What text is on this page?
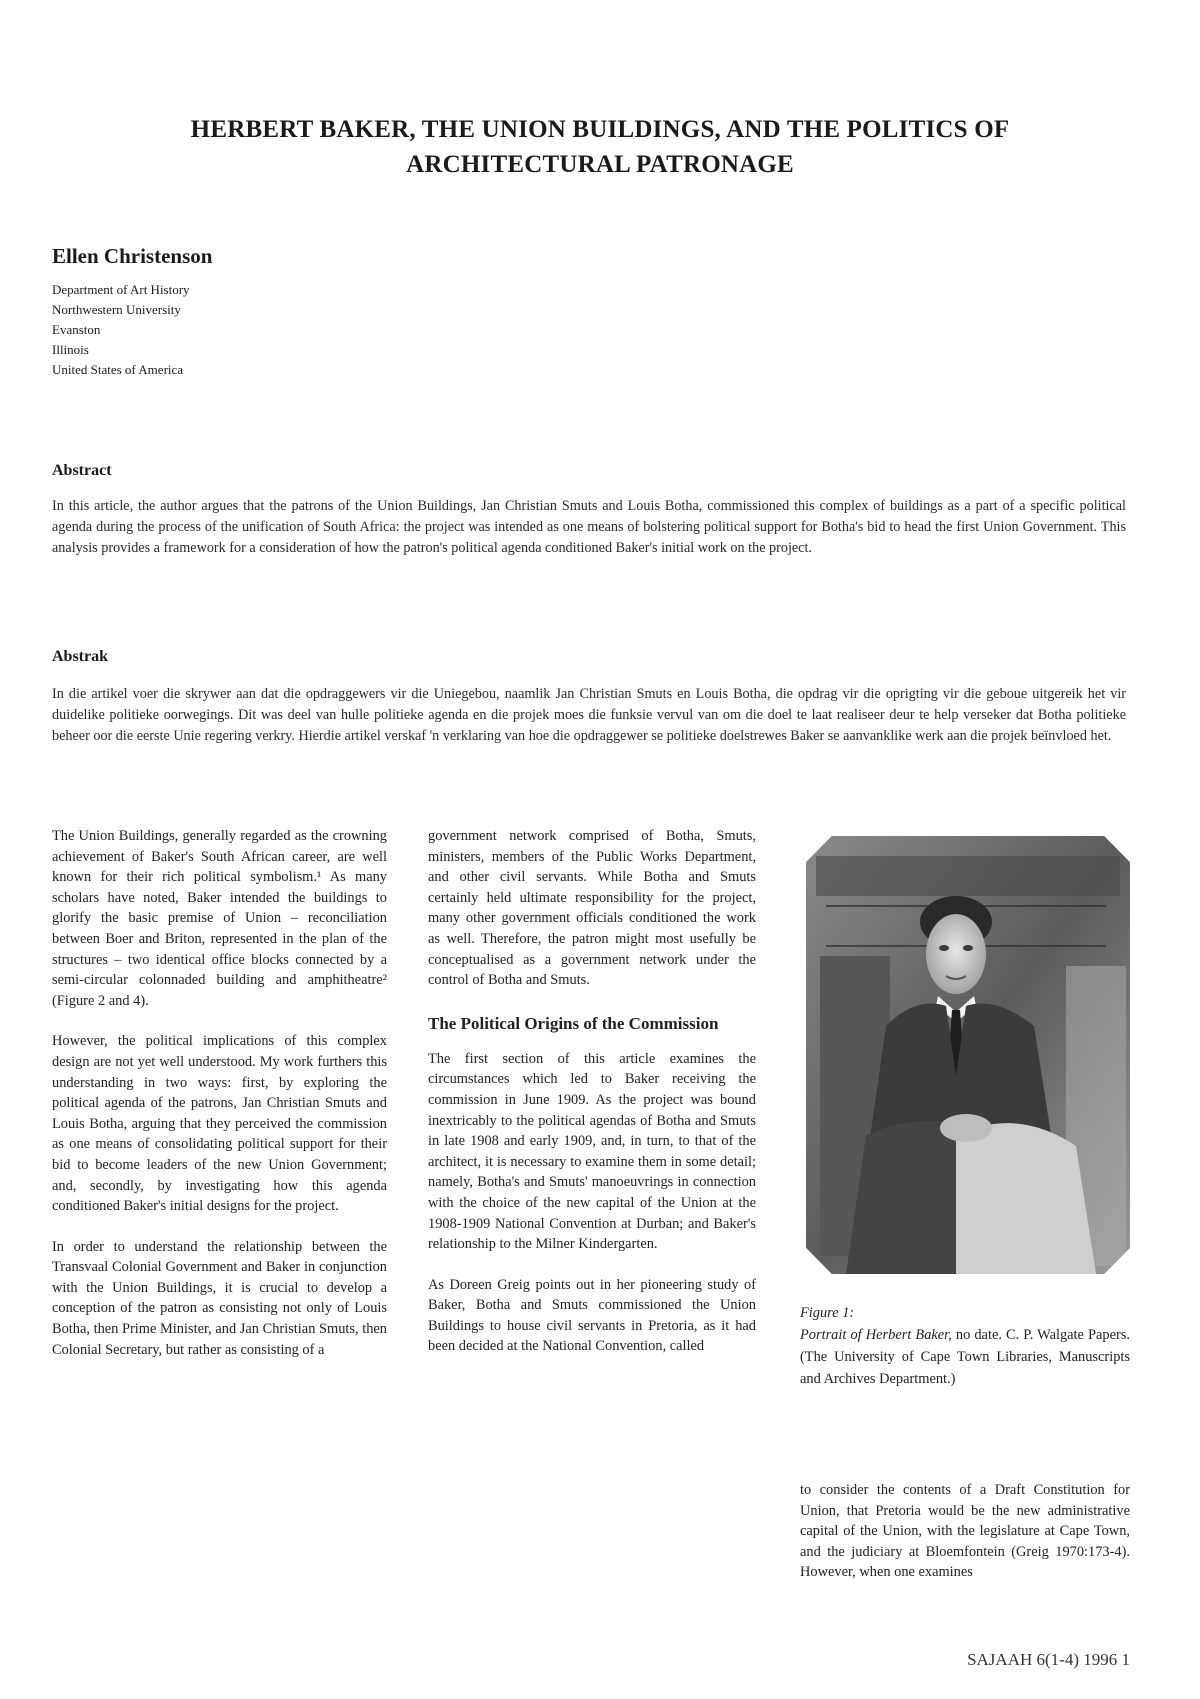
HERBERT BAKER, THE UNION BUILDINGS, AND THE POLITICS OF ARCHITECTURAL PATRONAGE
Ellen Christenson
Department of Art History
Northwestern University
Evanston
Illinois
United States of America
Abstract

In this article, the author argues that the patrons of the Union Buildings, Jan Christian Smuts and Louis Botha, commissioned this complex of buildings as a part of a specific political agenda during the process of the unification of South Africa: the project was intended as one means of bolstering political support for Botha's bid to head the first Union Government. This analysis provides a framework for a consideration of how the patron's political agenda conditioned Baker's initial work on the project.

Abstrak

In die artikel voer die skrywer aan dat die opdraggewers vir die Uniegebou, naamlik Jan Christian Smuts en Louis Botha, die opdrag vir die oprigting vir die geboue uitgereik het vir duidelike politieke oorwegings. Dit was deel van hulle politieke agenda en die projek moes die funksie vervul van om die doel te laat realiseer deur te help verseker dat Botha politieke beheer oor die eerste Unie regering verkry. Hierdie artikel verskaf 'n verklaring van hoe die opdraggewer se politieke doelstrewes Baker se aanvanklike werk aan die projek beïnvloed het.

The Union Buildings, generally regarded as the crowning achievement of Baker's South African career, are well known for their rich political symbolism.¹ As many scholars have noted, Baker intended the buildings to glorify the basic premise of Union – reconciliation between Boer and Briton, represented in the plan of the structures – two identical office blocks connected by a semi-circular colonnaded building and amphitheatre² (Figure 2 and 4).

However, the political implications of this complex design are not yet well understood. My work furthers this understanding in two ways: first, by exploring the political agenda of the patrons, Jan Christian Smuts and Louis Botha, arguing that they perceived the commission as one means of consolidating political support for their bid to become leaders of the new Union Government; and, secondly, by investigating how this agenda conditioned Baker's initial designs for the project.

In order to understand the relationship between the Transvaal Colonial Government and Baker in conjunction with the Union Buildings, it is crucial to develop a conception of the patron as consisting not only of Louis Botha, then Prime Minister, and Jan Christian Smuts, then Colonial Secretary, but rather as consisting of a

government network comprised of Botha, Smuts, ministers, members of the Public Works Department, and other civil servants. While Botha and Smuts certainly held ultimate responsibility for the project, many other government officials conditioned the work as well. Therefore, the patron might most usefully be conceptualised as a government network under the control of Botha and Smuts.

The Political Origins of the Commission

The first section of this article examines the circumstances which led to Baker receiving the commission in June 1909. As the project was bound inextricably to the political agendas of Botha and Smuts in late 1908 and early 1909, and, in turn, to that of the architect, it is necessary to examine them in some detail; namely, Botha's and Smuts' manoeuvrings in connection with the choice of the new capital of the Union at the 1908-1909 National Convention at Durban; and Baker's relationship to the Milner Kindergarten.

As Doreen Greig points out in her pioneering study of Baker, Botha and Smuts commissioned the Union Buildings to house civil servants in Pretoria, as it had been decided at the National Convention, called

Figure 1:
Portrait of Herbert Baker, no date. C. P. Walgate Papers. (The University of Cape Town Libraries, Manuscripts and Archives Department.)

to consider the contents of a Draft Constitution for Union, that Pretoria would be the new administrative capital of the Union, with the legislature at Cape Town, and the judiciary at Bloemfontein (Greig 1970:173-4). However, when one examines

SAJAAH 6(1-4) 1996 1
